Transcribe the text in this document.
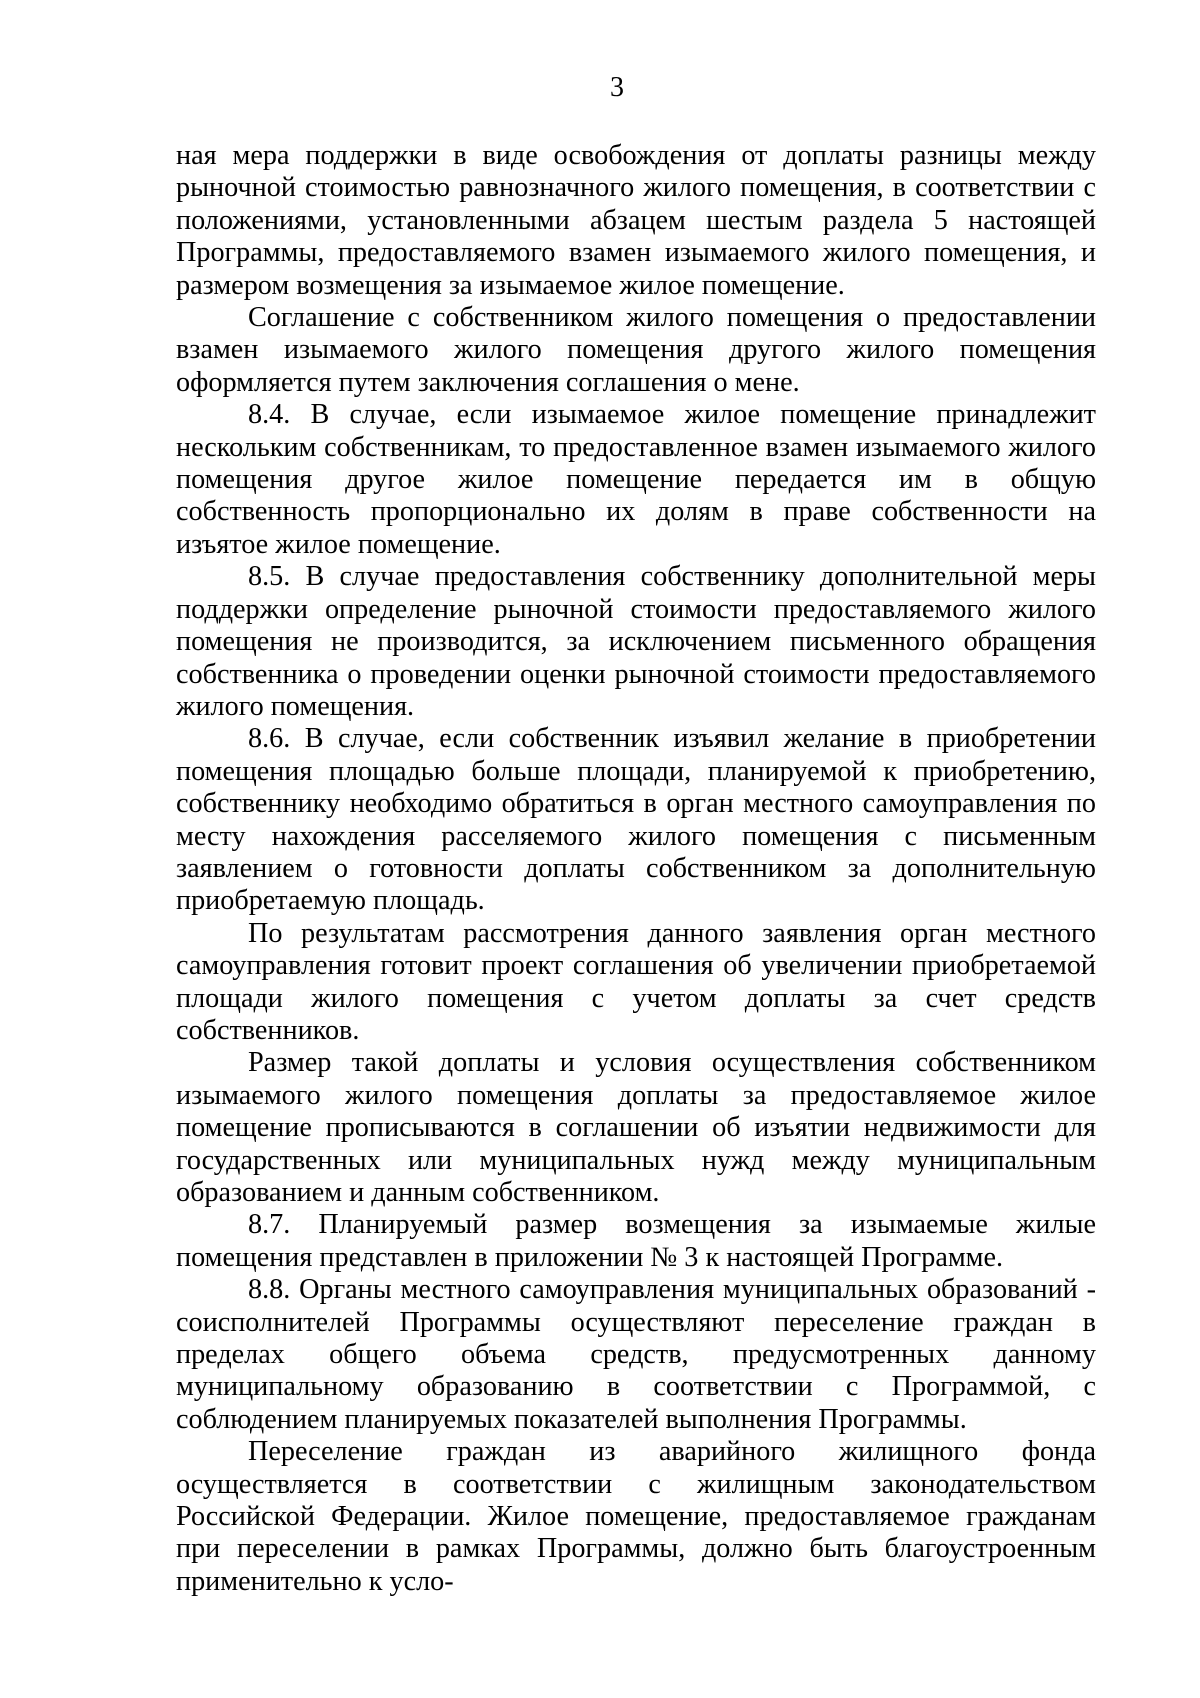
3

ная мера поддержки в виде освобождения от доплаты разницы между рыночной стоимостью равнозначного жилого помещения, в соответствии с положениями, установленными абзацем шестым раздела 5 настоящей Программы, предоставляемого взамен изымаемого жилого помещения, и размером возмещения за изымаемое жилое помещение.

Соглашение с собственником жилого помещения о предоставлении взамен изымаемого жилого помещения другого жилого помещения оформляется путем заключения соглашения о мене.

8.4. В случае, если изымаемое жилое помещение принадлежит нескольким собственникам, то предоставленное взамен изымаемого жилого помещения другое жилое помещение передается им в общую собственность пропорционально их долям в праве собственности на изъятое жилое помещение.

8.5. В случае предоставления собственнику дополнительной меры поддержки определение рыночной стоимости предоставляемого жилого помещения не производится, за исключением письменного обращения собственника о проведении оценки рыночной стоимости предоставляемого жилого помещения.

8.6. В случае, если собственник изъявил желание в приобретении помещения площадью больше площади, планируемой к приобретению, собственнику необходимо обратиться в орган местного самоуправления по месту нахождения расселяемого жилого помещения с письменным заявлением о готовности доплаты собственником за дополнительную приобретаемую площадь.

По результатам рассмотрения данного заявления орган местного самоуправления готовит проект соглашения об увеличении приобретаемой площади жилого помещения с учетом доплаты за счет средств собственников.

Размер такой доплаты и условия осуществления собственником изымаемого жилого помещения доплаты за предоставляемое жилое помещение прописываются в соглашении об изъятии недвижимости для государственных или муниципальных нужд между муниципальным образованием и данным собственником.

8.7. Планируемый размер возмещения за изымаемые жилые помещения представлен в приложении № 3 к настоящей Программе.

8.8. Органы местного самоуправления муниципальных образований - соисполнителей Программы осуществляют переселение граждан в пределах общего объема средств, предусмотренных данному муниципальному образованию в соответствии с Программой, с соблюдением планируемых показателей выполнения Программы.

Переселение граждан из аварийного жилищного фонда осуществляется в соответствии с жилищным законодательством Российской Федерации. Жилое помещение, предоставляемое гражданам при переселении в рамках Программы, должно быть благоустроенным применительно к усло-
